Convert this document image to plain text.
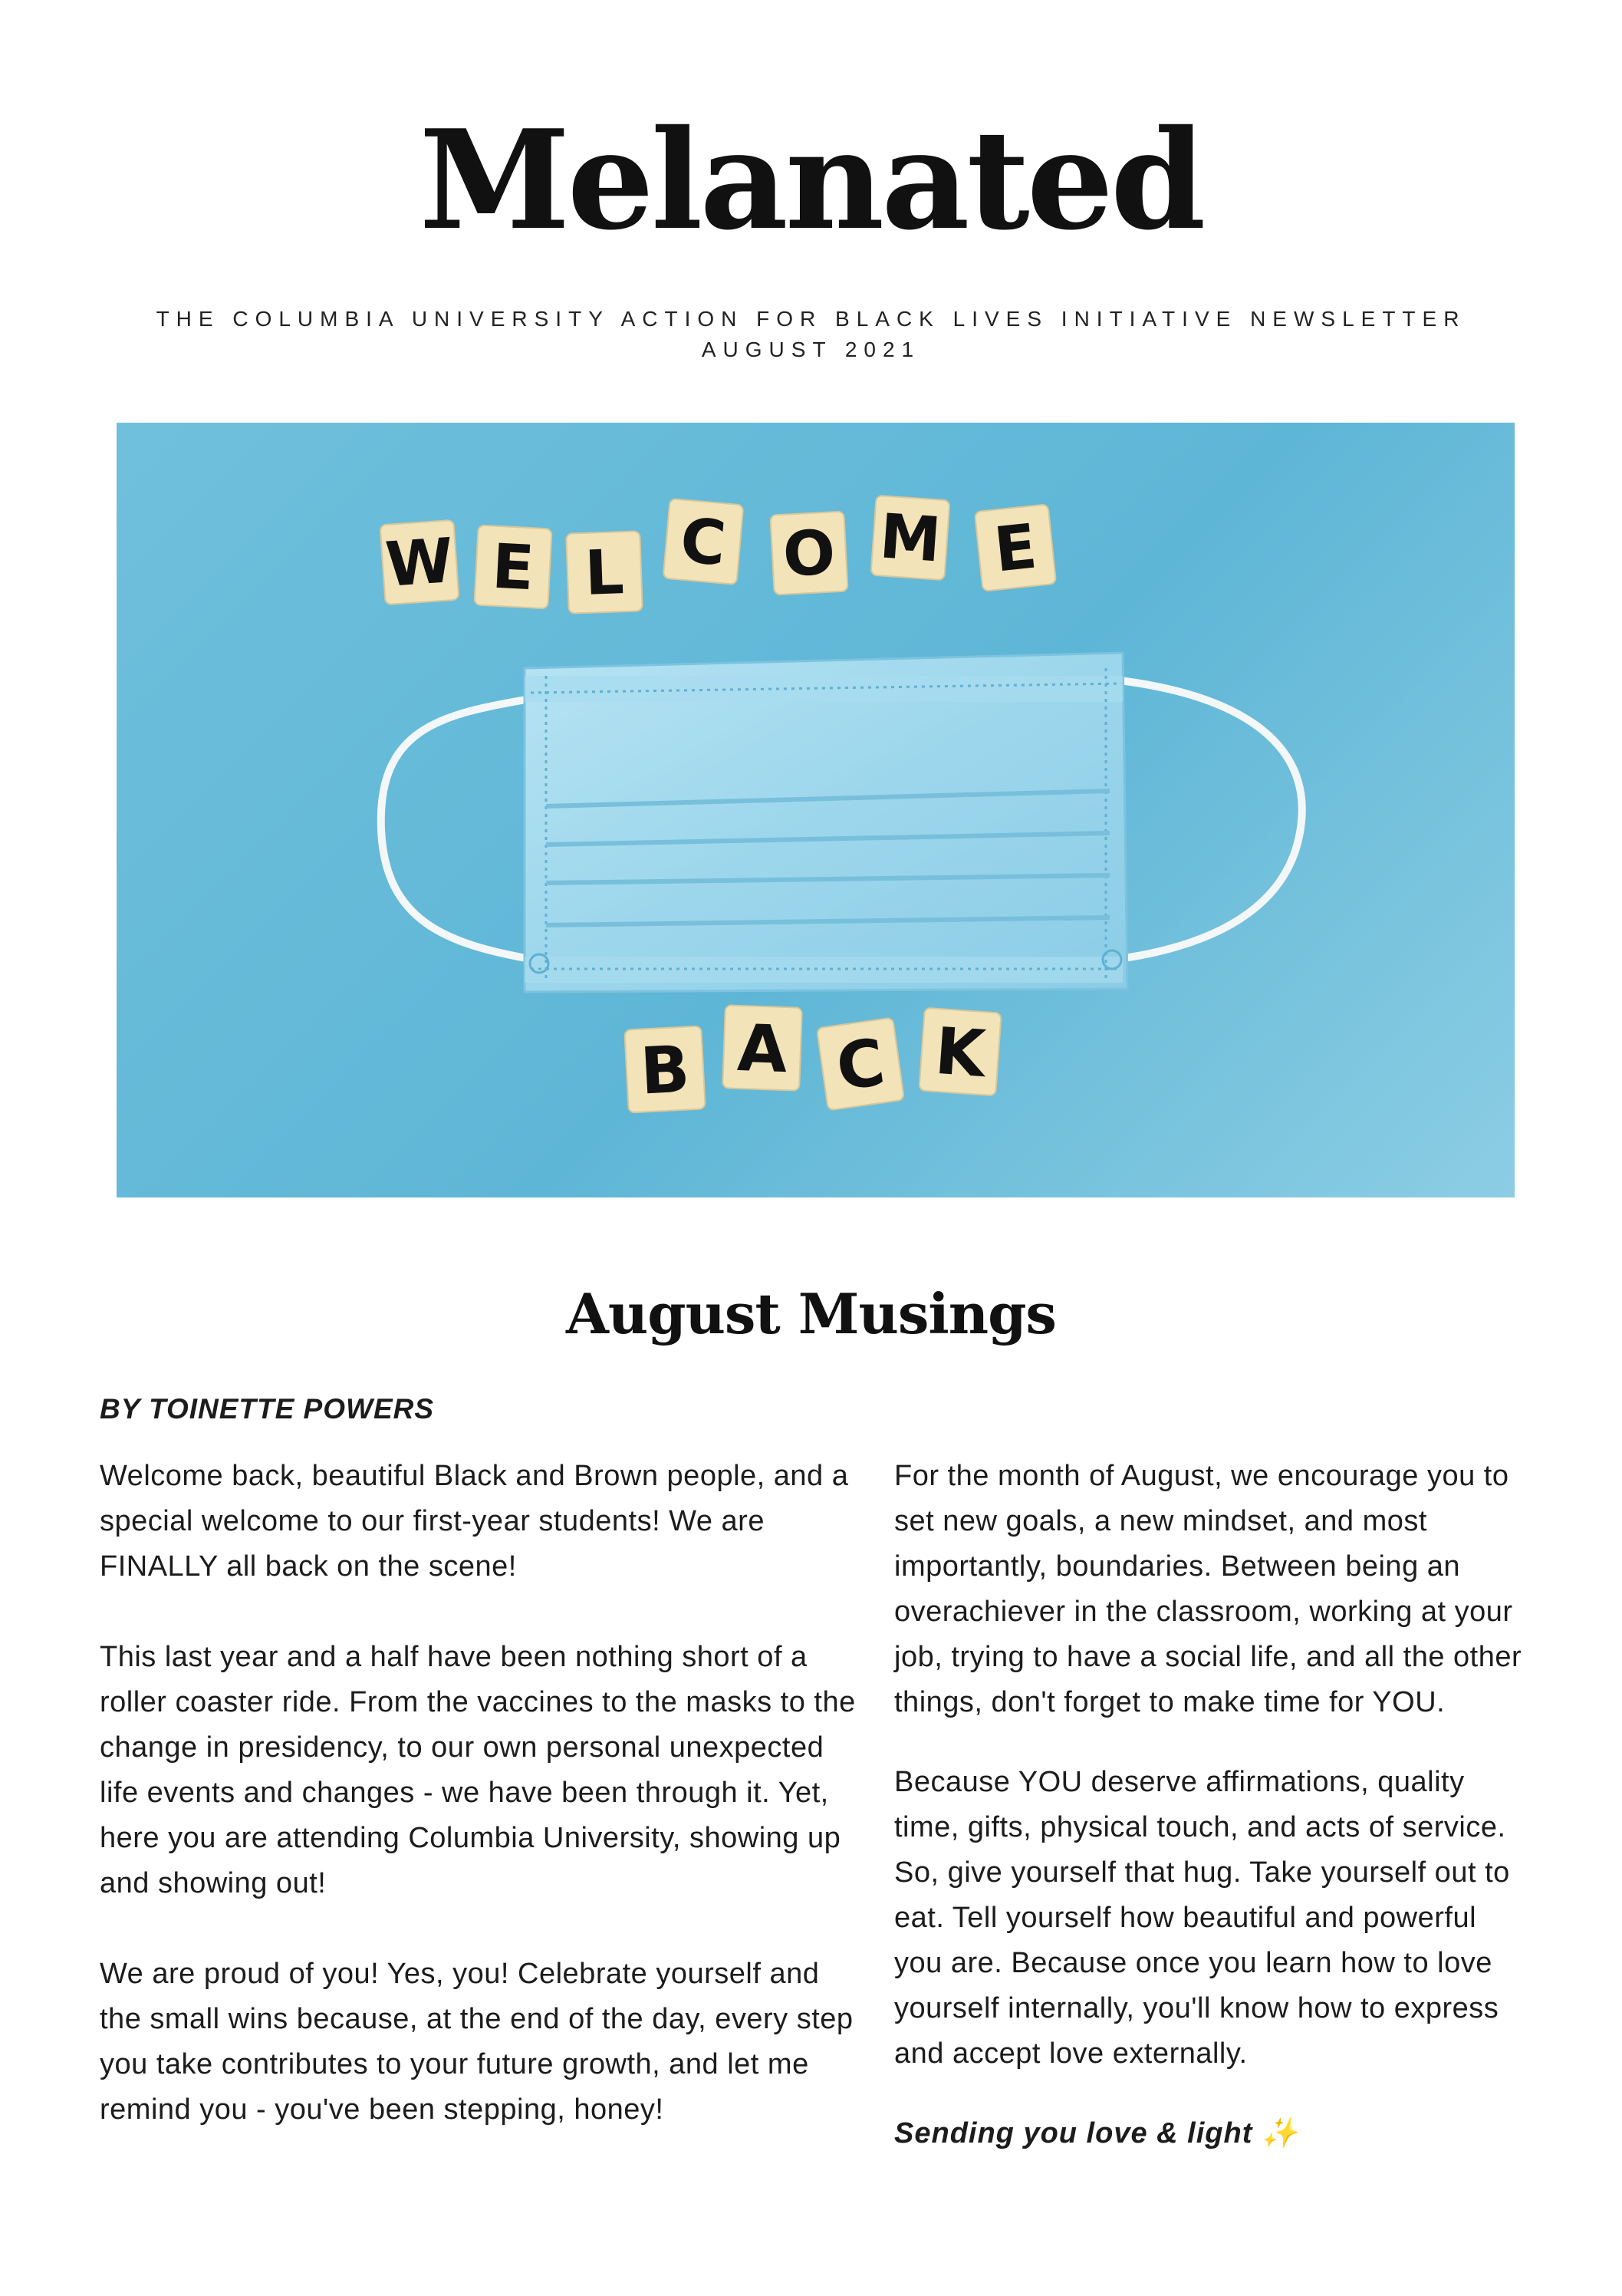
Melanated
THE COLUMBIA UNIVERSITY ACTION FOR BLACK LIVES INITIATIVE NEWSLETTER
AUGUST 2021
W E L C O M E
B A C K
August Musings
BY TOINETTE POWERS

Welcome back, beautiful Black and Brown people, and a special welcome to our first-year students! We are FINALLY all back on the scene!

This last year and a half have been nothing short of a roller coaster ride. From the vaccines to the masks to the change in presidency, to our own personal unexpected life events and changes - we have been through it. Yet, here you are attending Columbia University, showing up and showing out!

We are proud of you! Yes, you! Celebrate yourself and the small wins because, at the end of the day, every step you take contributes to your future growth, and let me remind you - you've been stepping, honey!

For the month of August, we encourage you to set new goals, a new mindset, and most importantly, boundaries. Between being an overachiever in the classroom, working at your job, trying to have a social life, and all the other things, don't forget to make time for YOU.

Because YOU deserve affirmations, quality time, gifts, physical touch, and acts of service. So, give yourself that hug. Take yourself out to eat. Tell yourself how beautiful and powerful you are. Because once you learn how to love yourself internally, you'll know how to express and accept love externally.

Sending you love & light ✨
